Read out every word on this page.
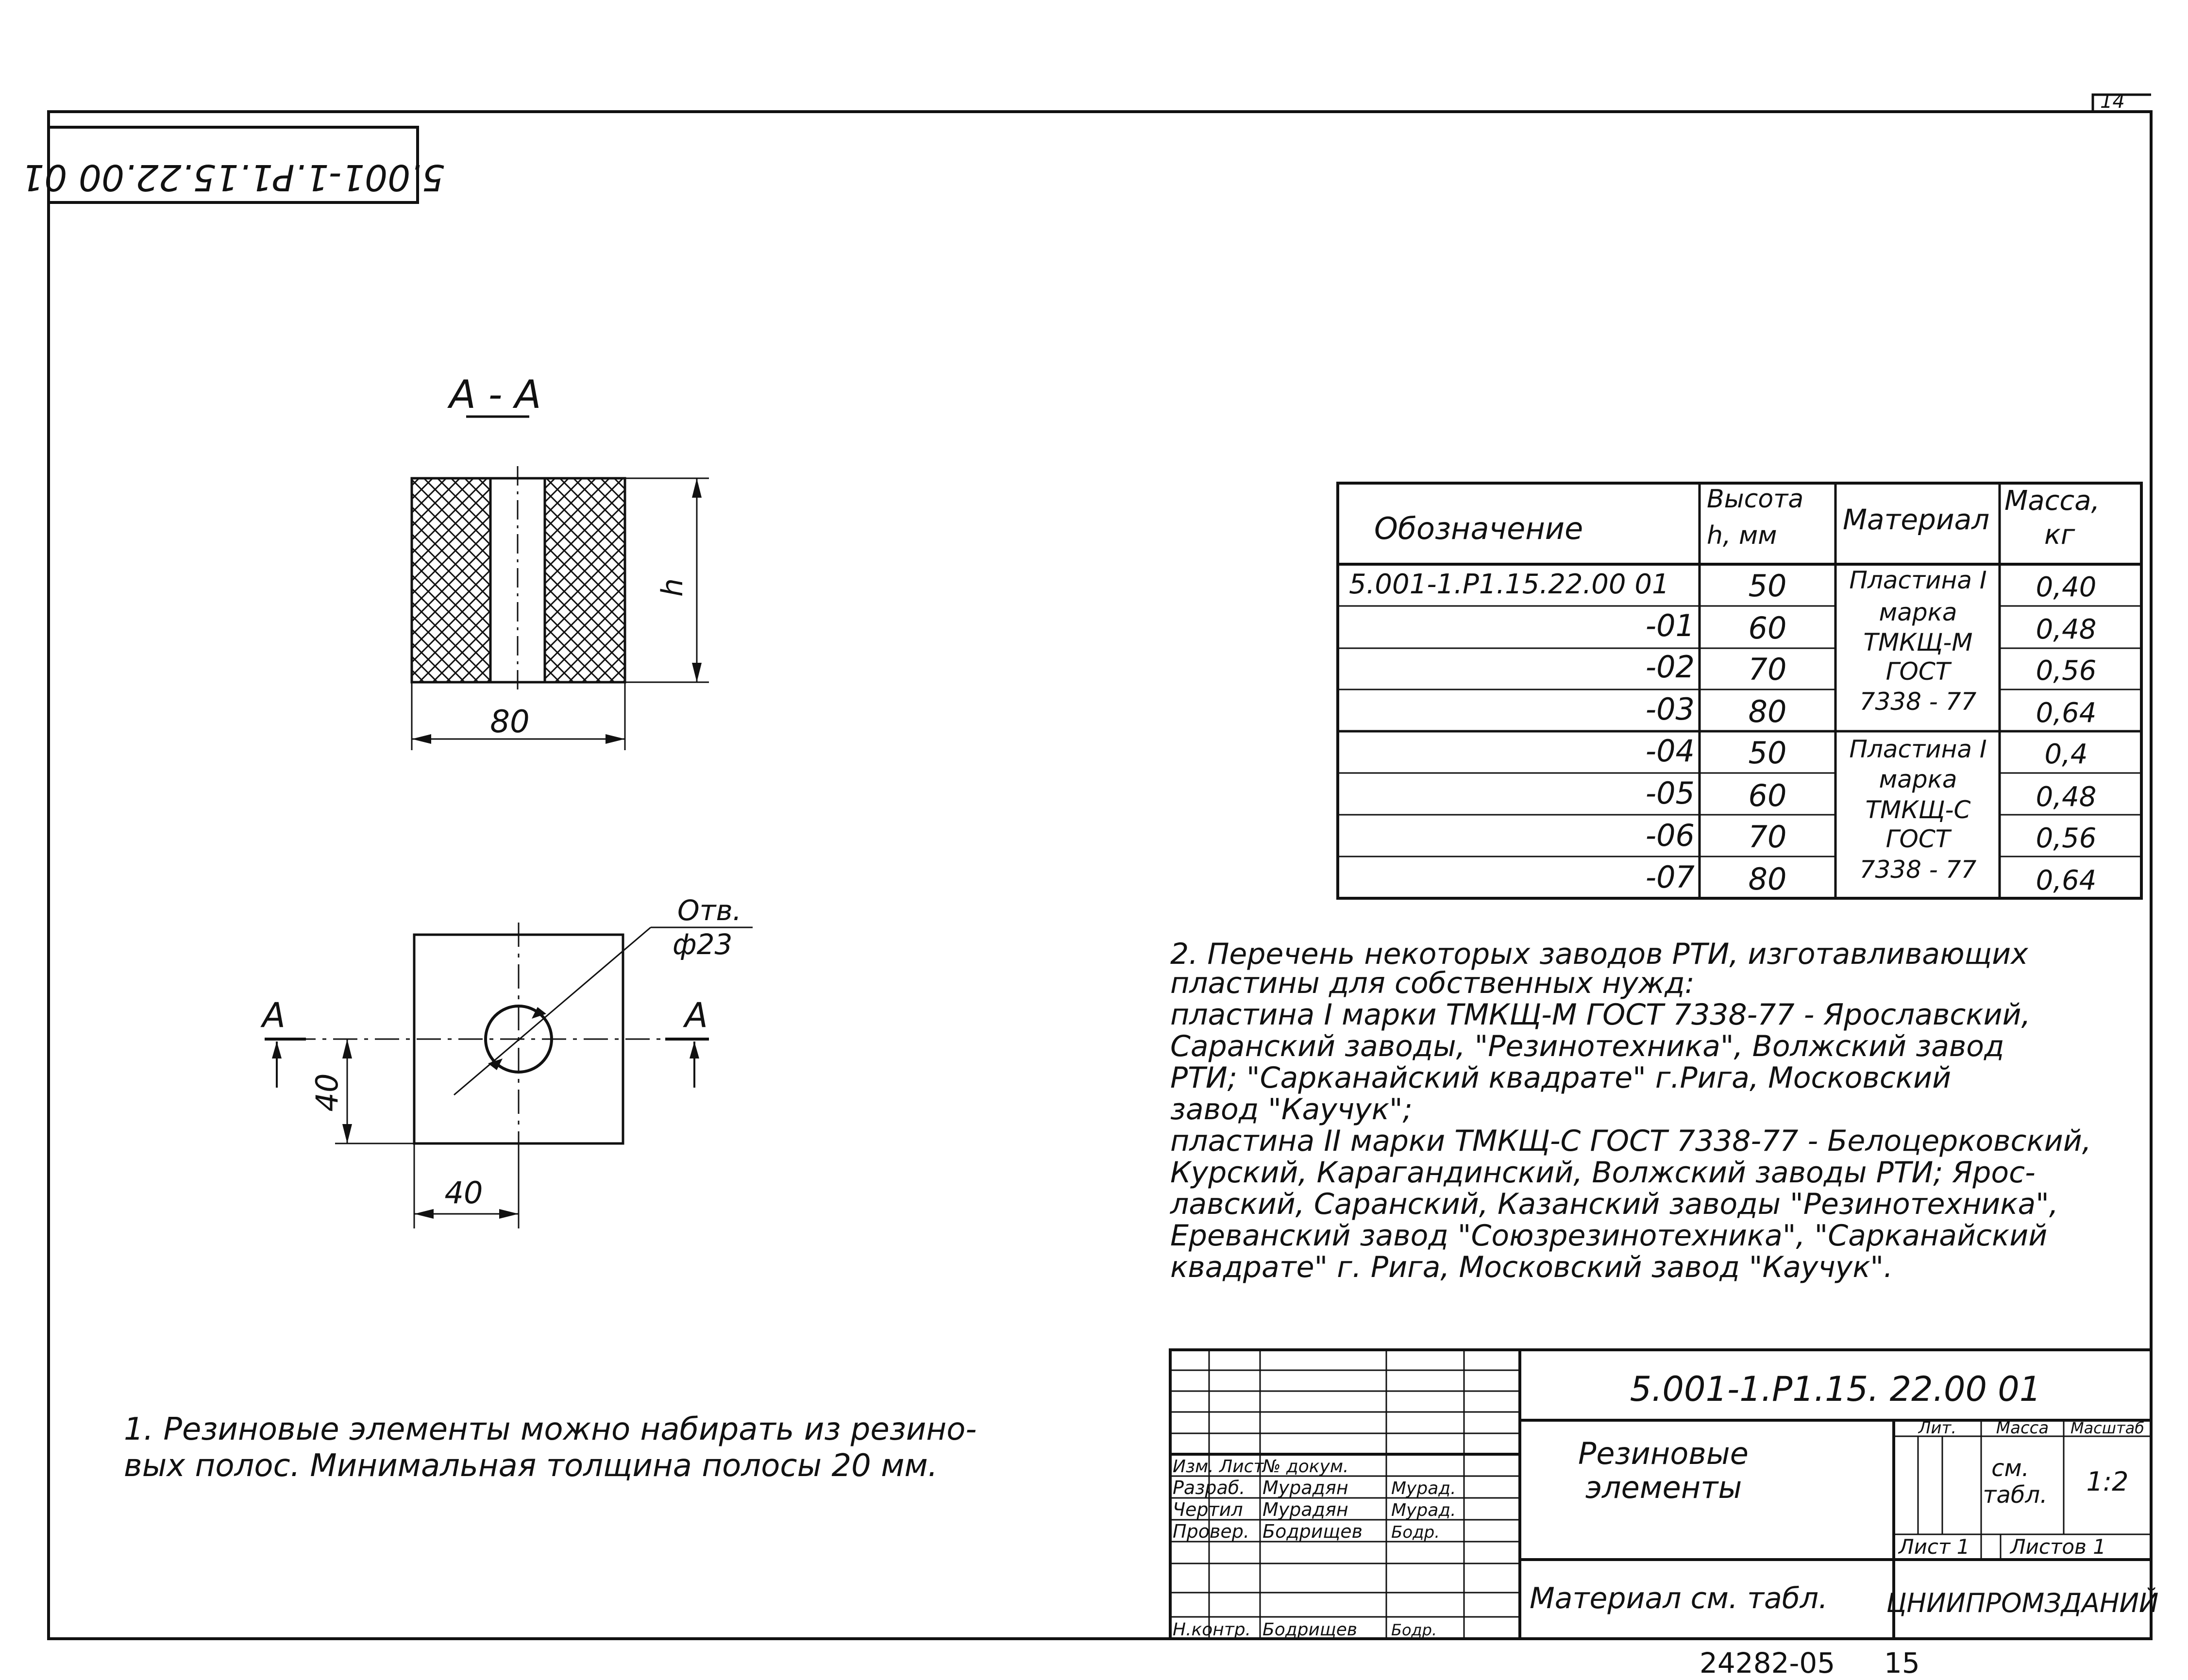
14
5.001-1.P1.15.22.00 01
А - А
h
80
Отв.
ф23
А	А
40
40
Обозначение
Высота
h, мм Материал
Масса,
кг
5.001-1.P1.15.22.00 01
-01
-02
-03
-04
-05
-06
-07
50
60
70
80
50
60
70
80
Пластина I
марка
ТМКЩ-М
ГОСТ
7338 - 77
Пластина I
марка
ТМКЩ-С
ГОСТ
7338 - 77
0,40
0,48
0,56
0,64
0,4
0,48
0,56
0,64
2. Перечень некоторых заводов РТИ, изготавливающих
пластины для собственных нужд:
пластина I марки ТМКЩ-М ГОСТ 7338-77 - Ярославский,
Саранский заводы, "Резинотехника", Волжский завод
РТИ; "Сарканайский квадрате" г.Рига, Московский
завод "Каучук";
пластина II марки ТМКЩ-С ГОСТ 7338-77 - Белоцерковский,
Курский, Карагандинский, Волжский заводы РТИ; Ярос-
лавский, Саранский, Казанский заводы "Резинотехника",
Ереванский завод "Союзрезинотехника", "Сарканайский
квадрате" г. Рига, Московский завод "Каучук".
1. Резиновые элементы можно набирать из резино-
вых полос. Минимальная толщина полосы 20 мм.	Изм. Лист
№ докум.
Разраб. Мурадян Мурад.
Чертил Мурадян Мурад.
Провер. Бодрищев Бодр.
Н.контр. Бодрищев Бодр.
5.001-1.P1.15. 22.00 01
Резиновые
элементы
Материал см. табл. ЦНИИПРОМЗДАНИЙ
Лит. Масса Масштаб
см.
табл. 1:2
Лист 1 Листов 1
24282-05 15
